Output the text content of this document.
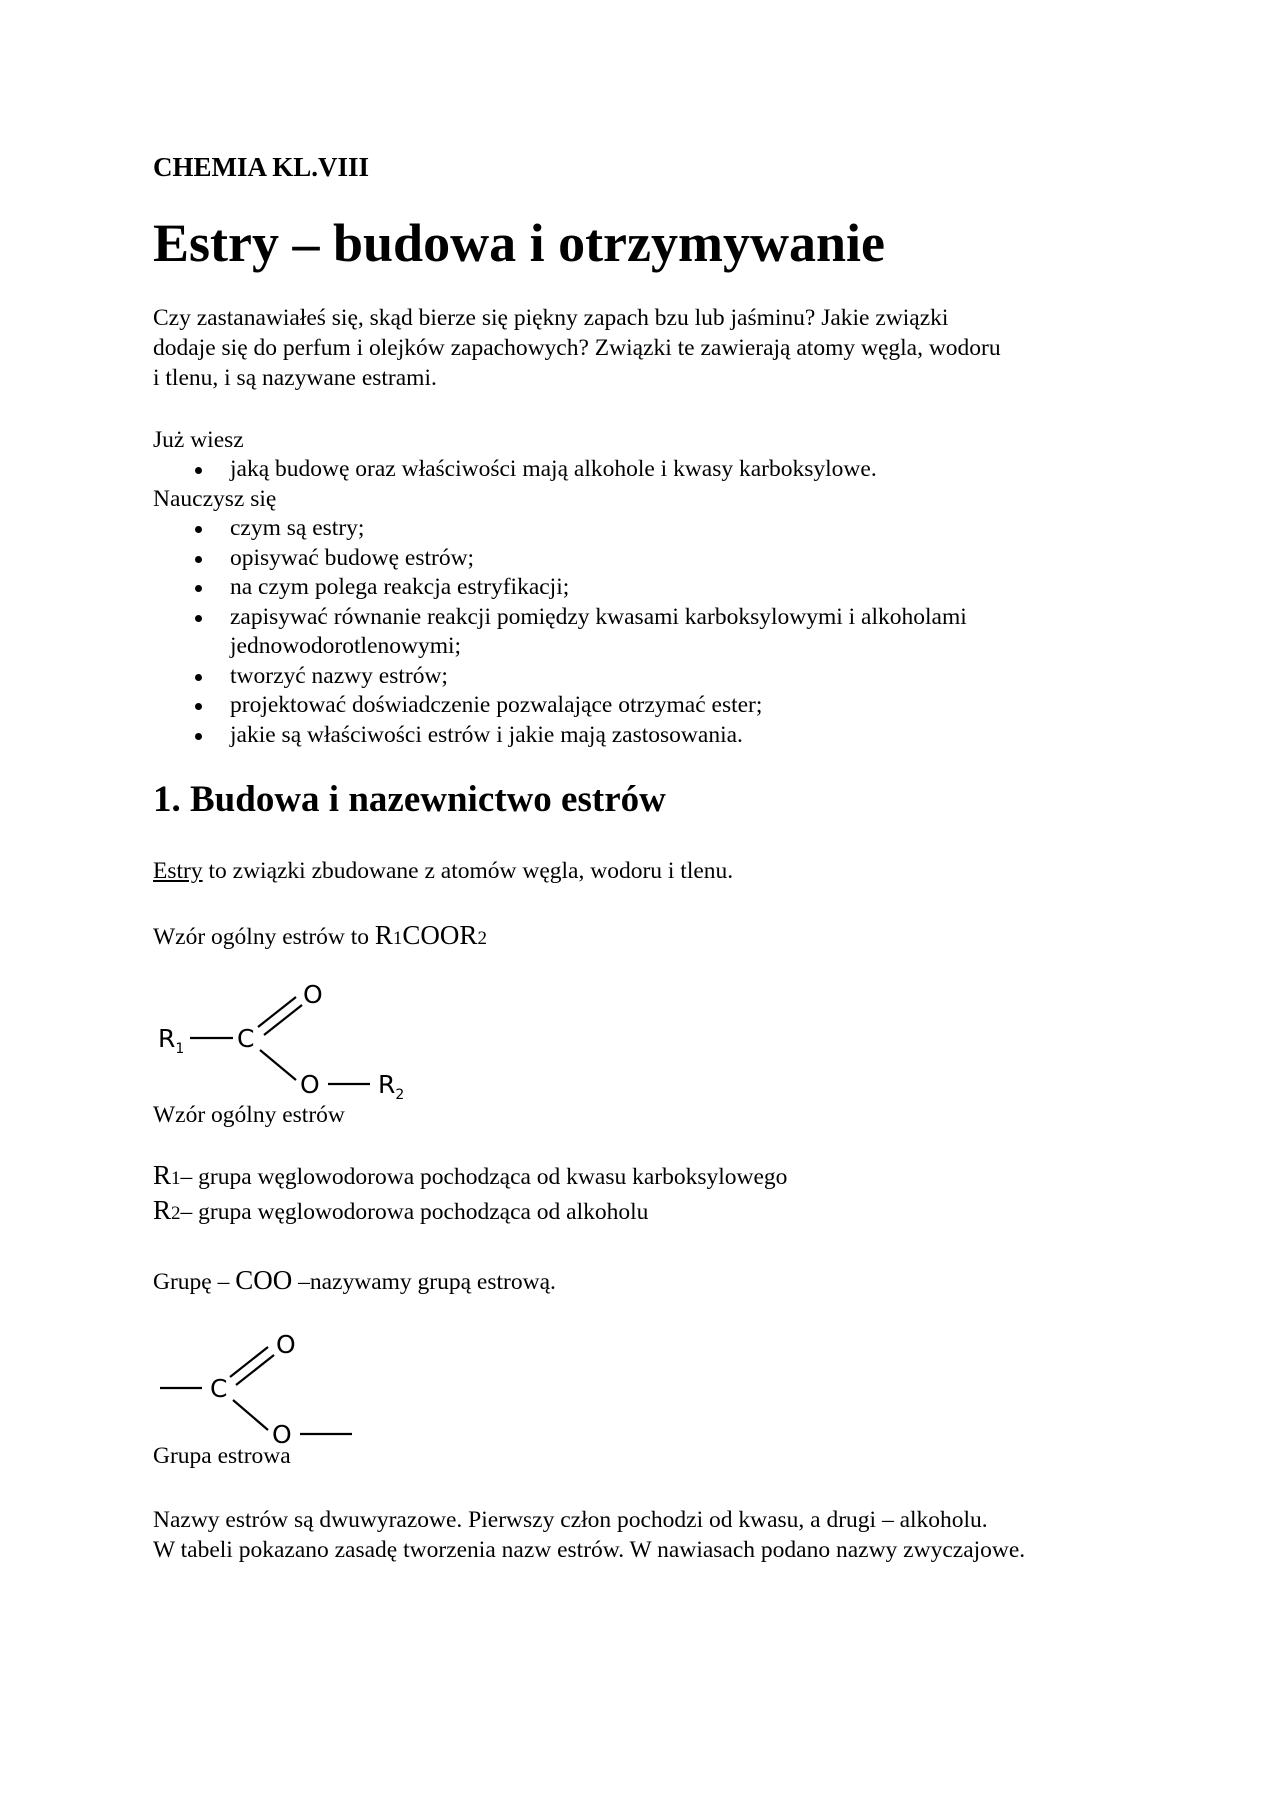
CHEMIA KL.VIII
Estry – budowa i otrzymywanie
Czy zastanawiałeś się, skąd bierze się piękny zapach bzu lub jaśminu? Jakie związki
dodaje się do perfum i olejków zapachowych? Związki te zawierają atomy węgla, wodoru
i tlenu, i są nazywane estrami.
Już wiesz
jaką budowę oraz właściwości mają alkohole i kwasy karboksylowe.
Nauczysz się
czym są estry;
opisywać budowę estrów;
na czym polega reakcja estryfikacji;
zapisywać równanie reakcji pomiędzy kwasami karboksylowymi i alkoholami
jednowodorotlenowymi;
tworzyć nazwy estrów;
projektować doświadczenie pozwalające otrzymać ester;
jakie są właściwości estrów i jakie mają zastosowania.
1. Budowa i nazewnictwo estrów
Estry to związki zbudowane z atomów węgla, wodoru i tlenu.
Wzór ogólny estrów to R1COOR2
$R_1$ C
O
O $R_2$
Wzór ogólny estrów
R1– grupa węglowodorowa pochodząca od kwasu karboksylowego
R2– grupa węglowodorowa pochodząca od alkoholu
Grupę – COO –nazywamy grupą estrową.
C
O
O
Grupa estrowa
Nazwy estrów są dwuwyrazowe. Pierwszy człon pochodzi od kwasu, a drugi – alkoholu.
W tabeli pokazano zasadę tworzenia nazw estrów. W nawiasach podano nazwy zwyczajowe.
